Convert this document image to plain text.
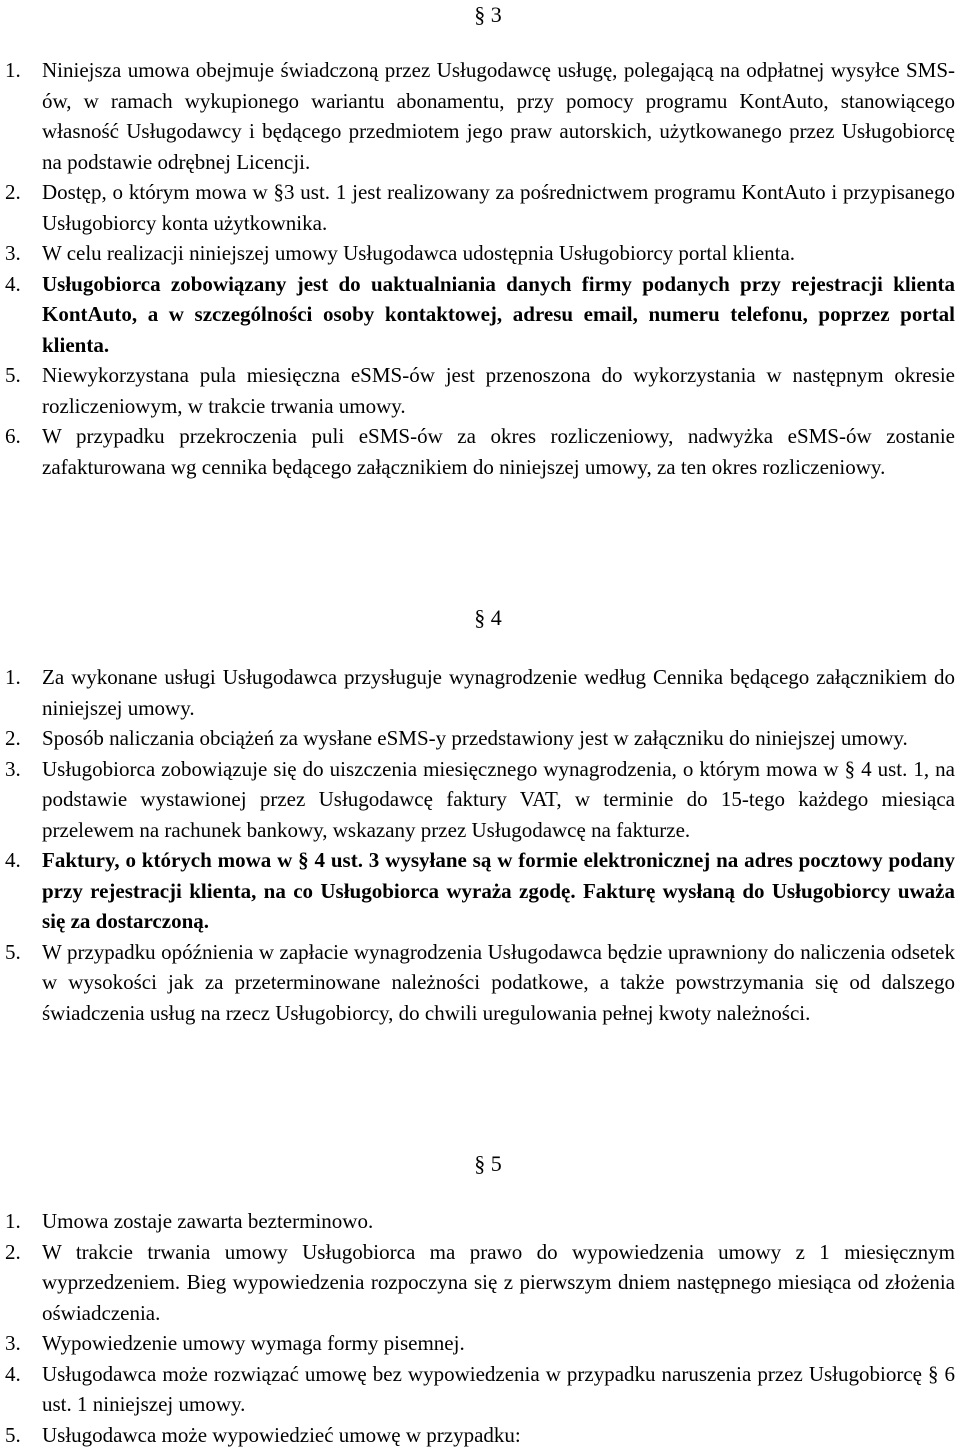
§ 3
1.	Niniejsza umowa obejmuje świadczoną przez Usługodawcę usługę, polegającą na odpłatnej wysyłce SMS-ów, w ramach wykupionego wariantu abonamentu, przy pomocy programu KontAuto, stanowiącego własność Usługodawcy i będącego przedmiotem jego praw autorskich, użytkowanego przez Usługobiorcę na podstawie odrębnej Licencji.
2.	Dostęp, o którym mowa w §3 ust. 1 jest realizowany za pośrednictwem programu KontAuto i przypisanego Usługobiorcy konta użytkownika.
3.	W celu realizacji niniejszej umowy Usługodawca udostępnia Usługobiorcy portal klienta.
4.	Usługobiorca zobowiązany jest do uaktualniania danych firmy podanych przy rejestracji klienta KontAuto, a w szczególności osoby kontaktowej, adresu email, numeru telefonu, poprzez portal klienta.
5.	Niewykorzystana pula miesięczna eSMS-ów jest przenoszona do wykorzystania w następnym okresie rozliczeniowym, w trakcie trwania umowy.
6.	W przypadku przekroczenia puli eSMS-ów za okres rozliczeniowy, nadwyżka eSMS-ów zostanie zafakturowana wg cennika będącego załącznikiem do niniejszej umowy, za ten okres rozliczeniowy.
§ 4
1.	Za wykonane usługi Usługodawca przysługuje wynagrodzenie według Cennika będącego załącznikiem do niniejszej umowy.
2.	Sposób naliczania obciążeń za wysłane eSMS-y przedstawiony jest w załączniku do niniejszej umowy.
3.	Usługobiorca zobowiązuje się do uiszczenia miesięcznego wynagrodzenia, o którym mowa w § 4 ust. 1, na podstawie wystawionej przez Usługodawcę faktury VAT, w terminie do 15-tego każdego miesiąca przelewem na rachunek bankowy, wskazany przez Usługodawcę na fakturze.
4.	Faktury, o których mowa w § 4 ust. 3 wysyłane są w formie elektronicznej na adres pocztowy podany przy rejestracji klienta, na co Usługobiorca wyraża zgodę. Fakturę wysłaną do Usługobiorcy uważa się za dostarczoną.
5.	W przypadku opóźnienia w zapłacie wynagrodzenia Usługodawca będzie uprawniony do naliczenia odsetek w wysokości jak za przeterminowane należności podatkowe, a także powstrzymania się od dalszego świadczenia usług na rzecz Usługobiorcy, do chwili uregulowania pełnej kwoty należności.
§ 5
1.	Umowa zostaje zawarta bezterminowo.
2.	W trakcie trwania umowy Usługobiorca ma prawo do wypowiedzenia umowy z 1 miesięcznym wyprzedzeniem. Bieg wypowiedzenia rozpoczyna się z pierwszym dniem następnego miesiąca od złożenia oświadczenia.
3.	Wypowiedzenie umowy wymaga formy pisemnej.
4.	Usługodawca może rozwiązać umowę bez wypowiedzenia w przypadku naruszenia przez Usługobiorcę § 6 ust. 1 niniejszej umowy.
5.	Usługodawca może wypowiedzieć umowę w przypadku:
